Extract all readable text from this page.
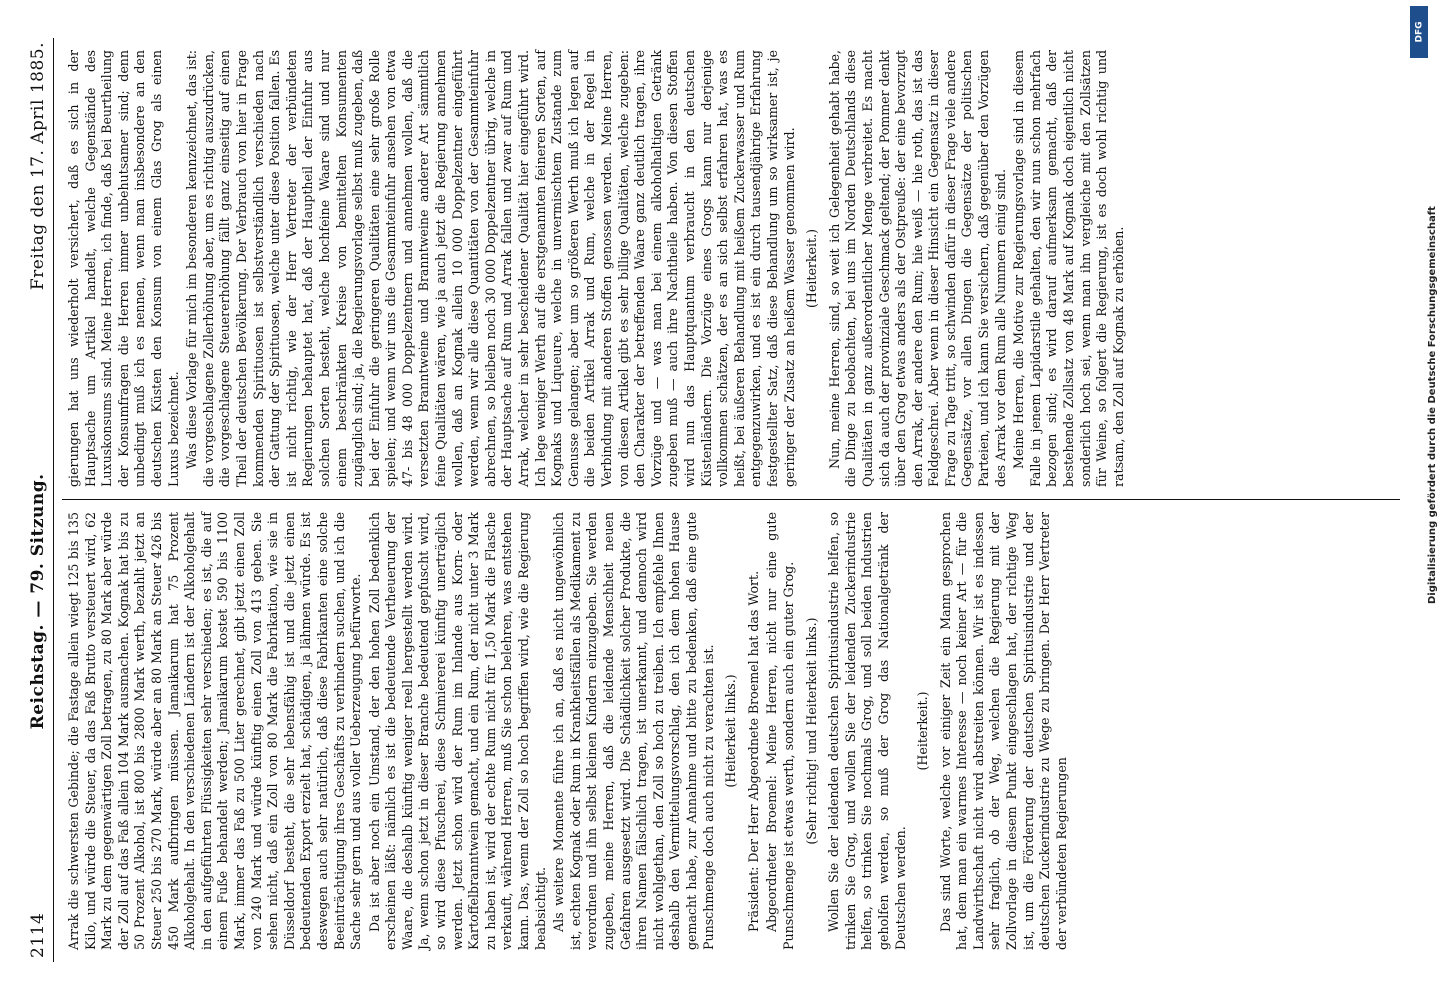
2114
Reichstag. — 79. Sitzung.
Freitag den 17. April 1885.

Arrak die schwersten Gebinde; die Fastage allein wiegt 125 bis 135 Kilo, und würde die Steuer, da das Faß Brutto versteuert wird, 62 Mark zu dem gegenwärtigen Zoll betragen, zu 80 Mark aber würde der Zoll auf das Faß allein 104 Mark ausmachen. Kognak hat bis zu 50 Prozent Alkohol, ist 800 bis 2800 Mark werth, bezahlt jetzt an Steuer 250 bis 270 Mark, würde aber an 80 Mark an Steuer 426 bis 450 Mark aufbringen müssen. Jamaikarum hat 75 Prozent Alkoholgehalt. In den verschiedenen Ländern ist der Alkoholgehalt in den aufgeführten Flüssigkeiten sehr verschieden; es ist, die auf einem Fuße behandelt werden; Jamaikarum kostet 590 bis 1100 Mark, immer das Faß zu 500 Liter gerechnet, gibt jetzt einen Zoll von 240 Mark und würde künftig einen Zoll von 413 geben. Sie sehen nicht, daß ein Zoll von 80 Mark die Fabrikation, wie sie in Düsseldorf besteht, die sehr lebensfähig ist und die jetzt einen bedeutenden Export erzielt hat, schädigen, ja lähmen würde. Es ist deswegen auch sehr natürlich, daß diese Fabrikanten eine solche Beeinträchtigung ihres Geschäfts zu verhindern suchen, und ich die Sache sehr gern und aus voller Ueberzeugung befürworte. Da ist aber noch ein Umstand, der den hohen Zoll bedenklich erscheinen läßt: nämlich es ist die bedeutende Vertheuerung der Waare, die deshalb künftig weniger reell hergestellt werden wird. Ja, wenn schon jetzt in dieser Branche bedeutend gepfuscht wird, so wird diese Pfuscherei, diese Schmiererei künftig unerträglich werden. Jetzt schon wird der Rum im Inlande aus Korn- oder Kartoffelbranntwein gemacht, und ein Rum, der nicht unter 3 Mark zu haben ist, wird der echte Rum nicht für 1,50 Mark die Flasche verkauft, während Herren, muß Sie schon belehren, was entstehen kann. Das, wenn der Zoll so hoch begriffen wird, wie die Regierung beabsichtigt. Als weitere Momente führe ich an, daß es nicht ungewöhnlich ist, echten Kognak oder Rum in Krankheitsfällen als Medikament zu verordnen und ihn selbst kleinen Kindern einzugeben. Sie werden zugeben, meine Herren, daß die leidende Menschheit neuen Gefahren ausgesetzt wird. Die Schädlichkeit solcher Produkte, die ihren Namen fälschlich tragen, ist unerkannt, und dennoch wird nicht wohlgethan, den Zoll so hoch zu treiben. Ich empfehle Ihnen deshalb den Vermittelungsvorschlag, den ich dem hohen Hause gemacht habe, zur Annahme und bitte zu bedenken, daß eine gute Punschmenge doch auch nicht zu verachten ist. (Heiterkeit links.) Präsident: Der Herr Abgeordnete Broemel hat das Wort. Abgeordneter Broemel: Meine Herren, nicht nur eine gute Punschmenge ist etwas werth, sondern auch ein guter Grog. (Sehr richtig! und Heiterkeit links.) Wollen Sie der leidenden deutschen Spiritusindustrie helfen, so trinken Sie Grog, und wollen Sie der leidenden Zuckerindustrie helfen, so trinken Sie nochmals Grog, und soll beiden Industrien geholfen werden, so muß der Grog das Nationalgetränk der Deutschen werden.

(Heiterkeit.) Das sind Worte, welche vor einiger Zeit ein Mann gesprochen hat, dem man ein warmes Interesse — noch keiner Art — für die Landwirthschaft nicht wird abstreiten können. Wir ist es indessen sehr fraglich, ob der Weg, welchen die Regierung mit der Zollvorlage in diesem Punkt eingeschlagen hat, der richtige Weg ist, um die Förderung der deutschen Spiritusindustrie und der deutschen Zuckerindustrie zu Wege zu bringen. Der Herr Vertreter der verbündeten Regierungen

gierungen hat uns wiederholt versichert, daß es sich in der Hauptsache um Artikel handelt, welche Gegenstände des Luxuskonsums sind. Meine Herren, ich finde, daß bei Beurtheilung der Konsumfragen die Herren immer unbehutsamer sind; denn unbedingt muß ich es nennen, wenn man insbesondere an den deutschen Küsten den Konsum von einem Glas Grog als einen Luxus bezeichnet. Was diese Vorlage für mich im besonderen kennzeichnet, das ist: die vorgeschlagene Zollerhöhung aber, um es richtig auszudrücken, die vorgeschlagene Steuererhöhung fällt ganz einseitig auf einen Theil der deutschen Bevölkerung. Der Verbrauch von hier in Frage kommenden Spirituosen ist selbstverständlich verschieden nach der Gattung der Spirituosen, welche unter diese Position fallen. Es ist nicht richtig, wie der Herr Vertreter der verbündeten Regierungen behauptet hat, daß der Hauptheil der Einfuhr aus solchen Sorten besteht, welche hochfeine Waare sind und nur einem beschränkten Kreise von bemittelten Konsumenten zugänglich sind; ja, die Regierungsvorlage selbst muß zugeben, daß bei der Einfuhr die geringeren Qualitäten eine sehr große Rolle spielen; und wenn wir uns die Gesammteinfuhr ansehen von etwa 47- bis 48 000 Doppelzentnern und annehmen wollen, daß die versetzten Branntweine und Branntweine anderer Art sämmtlich feine Qualitäten wären, wie ja auch jetzt die Regierung annehmen wollen, daß an Kognak allein 10 000 Doppelzentner eingeführt werden, wenn wir alle diese Quantitäten von der Gesammteinfuhr abrechnen, so bleiben noch 30 000 Doppelzentner übrig, welche in der Hauptsache auf Rum und Arrak fallen und zwar auf Rum und Arrak, welcher in sehr bescheidener Qualität hier eingeführt wird. Ich lege weniger Werth auf die erstgenannten feineren Sorten, auf Kognaks und Liqueure, welche in unvermischtem Zustande zum Genusse gelangen; aber um so größeren Werth muß ich legen auf die beiden Artikel Arrak und Rum, welche in der Regel in Verbindung mit anderen Stoffen genossen werden. Meine Herren, von diesen Artikel gibt es sehr billige Qualitäten, welche zugeben: den Charakter der betreffenden Waare ganz deutlich tragen, ihre Vorzüge und — was man bei einem alkoholhaltigen Getränk zugeben muß — auch ihre Nachtheile haben. Von diesen Stoffen wird nun das Hauptquantum verbraucht in den deutschen Küstenländern. Die Vorzüge eines Grogs kann nur derjenige vollkommen schätzen, der es an sich selbst erfahren hat, was es heißt, bei äußeren Behandlung mit heißem Zuckerwasser und Rum entgegenzuwirken, und es ist ein durch tausendjährige Erfahrung festgestellter Satz, daß diese Behandlung um so wirksamer ist, je geringer der Zusatz an heißem Wasser genommen wird. (Heiterkeit.) Nun, meine Herren, sind, so weit ich Gelegenheit gehabt habe, die Dinge zu beobachten, bei uns im Norden Deutschlands diese Qualitäten in ganz außerordentlicher Menge verbreitet. Es macht sich da auch der provinziale Geschmack geltend; der Pommer denkt über den Grog etwas anders als der Ostpreuße: der eine bevorzugt den Arrak, der andere den Rum; hie weiß — hie roth, das ist das Feldgeschrei. Aber wenn in dieser Hinsicht ein Gegensatz in dieser Frage zu Tage tritt, so schwinden dafür in dieser Frage viele andere Gegensätze, vor allen Dingen die Gegensätze der politischen Parteien, und ich kann Sie versichern, daß gegenüber den Vorzügen des Arrak vor dem Rum alle Nummern einig sind. Meine Herren, die Motive zur Regierungsvorlage sind in diesem Falle in jenem Lapidarstile gehalten, den wir nun schon mehrfach bezogen sind; es wird darauf aufmerksam gemacht, daß der bestehende Zollsatz von 48 Mark auf Kognak doch eigentlich nicht sonderlich hoch sei, wenn man ihn vergleiche mit den Zollsätzen für Weine, so folgert die Regierung, ist es doch wohl richtig und ratsam, den Zoll auf Kognak zu erhöhen.

DFG
Digitalisierung gefördert durch die Deutsche Forschungsgemeinschaft
